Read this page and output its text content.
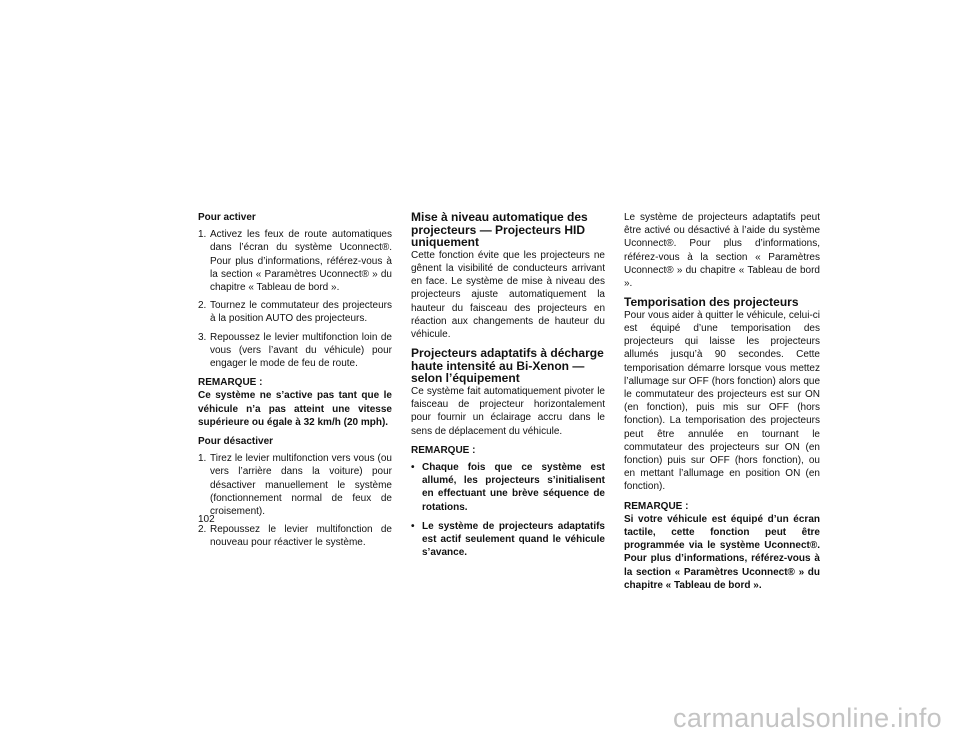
Pour activer

1. Activez les feux de route automatiques dans l’écran du système Uconnect®. Pour plus d’informations, référez-vous à la section « Paramètres Uconnect® » du chapitre « Tableau de bord ».
2. Tournez le commutateur des projecteurs à la position AUTO des projecteurs.
3. Repoussez le levier multifonction loin de vous (vers l’avant du véhicule) pour engager le mode de feu de route.

REMARQUE :

Ce système ne s’active pas tant que le véhicule n’a pas atteint une vitesse supérieure ou égale à 32 km/h (20 mph).

Pour désactiver

1. Tirez le levier multifonction vers vous (ou vers l’arrière dans la voiture) pour désactiver manuellement le système (fonctionnement normal de feux de croisement).
2. Repoussez le levier multifonction de nouveau pour réactiver le système.
Mise à niveau automatique des projecteurs — Projecteurs HID uniquement

Cette fonction évite que les projecteurs ne gênent la visibilité de conducteurs arrivant en face. Le système de mise à niveau des projecteurs ajuste automatiquement la hauteur du faisceau des projecteurs en réaction aux changements de hauteur du véhicule.

Projecteurs adaptatifs à décharge haute intensité au Bi-Xenon — selon l’équipement

Ce système fait automatiquement pivoter le faisceau de projecteur horizontalement pour fournir un éclairage accru dans le sens de déplacement du véhicule.

REMARQUE :

• Chaque fois que ce système est allumé, les projecteurs s’initialisent en effectuant une brève séquence de rotations.
• Le système de projecteurs adaptatifs est actif seulement quand le véhicule s’avance.

Le système de projecteurs adaptatifs peut être activé ou désactivé à l’aide du système Uconnect®. Pour plus d’informations, référez-vous à la section « Paramètres Uconnect® » du chapitre « Tableau de bord ».

Temporisation des projecteurs

Pour vous aider à quitter le véhicule, celui-ci est équipé d’une temporisation des projecteurs qui laisse les projecteurs allumés jusqu’à 90 secondes. Cette temporisation démarre lorsque vous mettez l’allumage sur OFF (hors fonction) alors que le commutateur des projecteurs est sur ON (en fonction), puis mis sur OFF (hors fonction). La temporisation des projecteurs peut être annulée en tournant le commutateur des projecteurs sur ON (en fonction) puis sur OFF (hors fonction), ou en mettant l’allumage en position ON (en fonction).

REMARQUE :

Si votre véhicule est équipé d’un écran tactile, cette fonction peut être programmée via le système Uconnect®. Pour plus d’informations, référez-vous à la section « Paramètres Uconnect® » du chapitre « Tableau de bord ».

102
carmanualsonline.info
